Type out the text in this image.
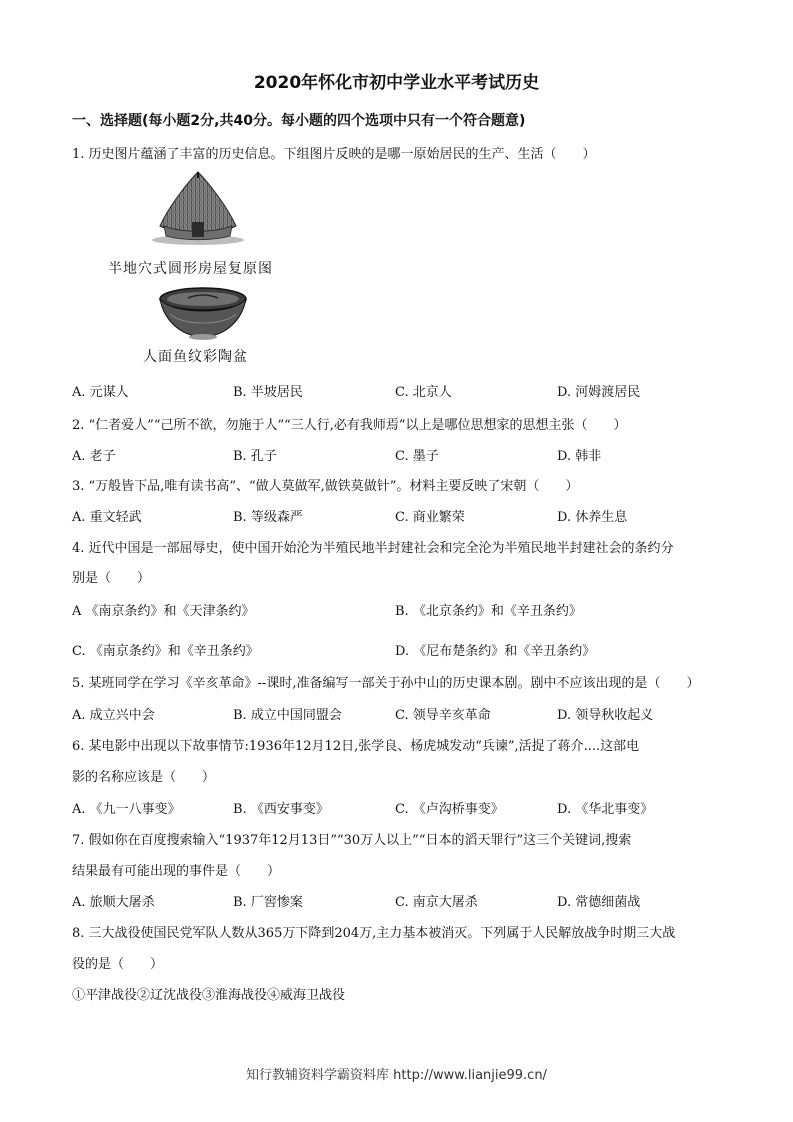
2020年怀化市初中学业水平考试历史
一、选择题(每小题2分,共40分。每小题的四个选项中只有一个符合题意)
1. 历史图片蕴涵了丰富的历史信息。下组图片反映的是哪一原始居民的生产、生活（　　）
半地穴式圆形房屋复原图
人面鱼纹彩陶盆
A. 元谋人	B. 半坡居民	C. 北京人	D. 河姆渡居民
2. “仁者爱人”“己所不欲，勿施于人”“三人行,必有我师焉”以上是哪位思想家的思想主张（　　）
A. 老子	B. 孔子	C. 墨子	D. 韩非
3. “万般皆下品,唯有读书高”、“做人莫做军,做铁莫做针”。材料主要反映了宋朝（　　）
A. 重文轻武	B. 等级森严	C. 商业繁荣	D. 休养生息
4. 近代中国是一部屈辱史，使中国开始沦为半殖民地半封建社会和完全沦为半殖民地半封建社会的条约分
别是（　　）
A 《南京条约》和《天津条约》	B. 《北京条约》和《辛丑条约》
C. 《南京条约》和《辛丑条约》	D. 《尼布楚条约》和《辛丑条约》
5. 某班同学在学习《辛亥革命》--课时,准备编写一部关于孙中山的历史课本剧。剧中不应该出现的是（　　）
A. 成立兴中会	B. 成立中国同盟会	C. 领导辛亥革命	D. 领导秋收起义
6. 某电影中出现以下故事情节:1936年12月12日,张学良、杨虎城发动“兵谏”,活捉了蒋介....这部电
影的名称应该是（　　）
A. 《九一八事变》	B. 《西安事变》	C. 《卢沟桥事变》	D. 《华北事变》
7. 假如你在百度搜索输入“1937年12月13日”“30万人以上”“日本的滔天罪行”这三个关键词,搜索
结果最有可能出现的事件是（　　）
A. 旅顺大屠杀	B. 厂窖惨案	C. 南京大屠杀	D. 常德细菌战
8. 三大战役使国民党军队人数从365万下降到204万,主力基本被消灭。下列属于人民解放战争时期三大战
役的是（　　）
①平津战役②辽沈战役③淮海战役④威海卫战役
知行教辅资料学霸资料库 http://www.lianjie99.cn/
